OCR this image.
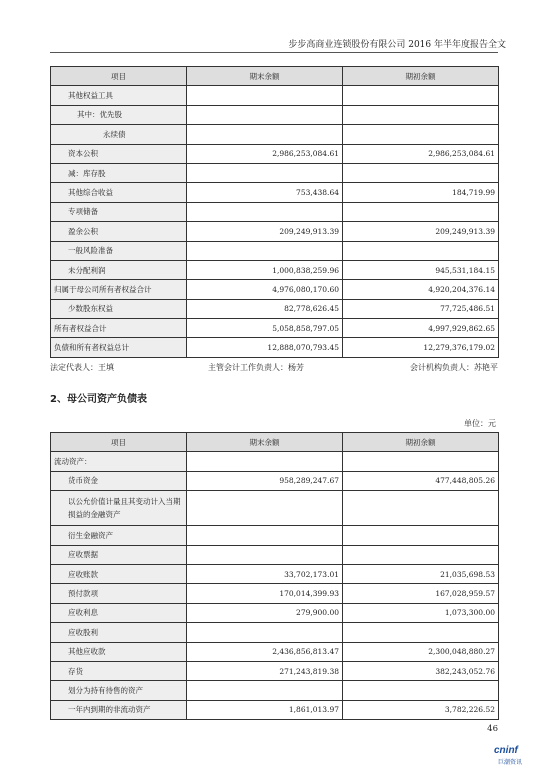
步步高商业连锁股份有限公司 2016 年半年度报告全文
项目	期末余额	期初余额
其他权益工具		
其中：优先股		
永续债		
资本公积	2,986,253,084.61	2,986,253,084.61
减：库存股		
其他综合收益	753,438.64	184,719.99
专项储备		
盈余公积	209,249,913.39	209,249,913.39
一般风险准备		
未分配利润	1,000,838,259.96	945,531,184.15
归属于母公司所有者权益合计	4,976,080,170.60	4,920,204,376.14
少数股东权益	82,778,626.45	77,725,486.51
所有者权益合计	5,058,858,797.05	4,997,929,862.65
负债和所有者权益总计	12,888,070,793.45	12,279,376,179.02
法定代表人：王填	主管会计工作负责人：杨芳	会计机构负责人：苏艳平
2、母公司资产负债表
单位：元
项目	期末余额	期初余额
流动资产：		
货币资金	958,289,247.67	477,448,805.26
以公允价值计量且其变动计入当期损益的金融资产		
衍生金融资产		
应收票据		
应收账款	33,702,173.01	21,035,698.53
预付款项	170,014,399.93	167,028,959.57
应收利息	279,900.00	1,073,300.00
应收股利		
其他应收款	2,436,856,813.47	2,300,048,880.27
存货	271,243,819.38	382,243,052.76
划分为持有待售的资产		
一年内到期的非流动资产	1,861,013.97	3,782,226.52
46
cninf
巨潮资讯
